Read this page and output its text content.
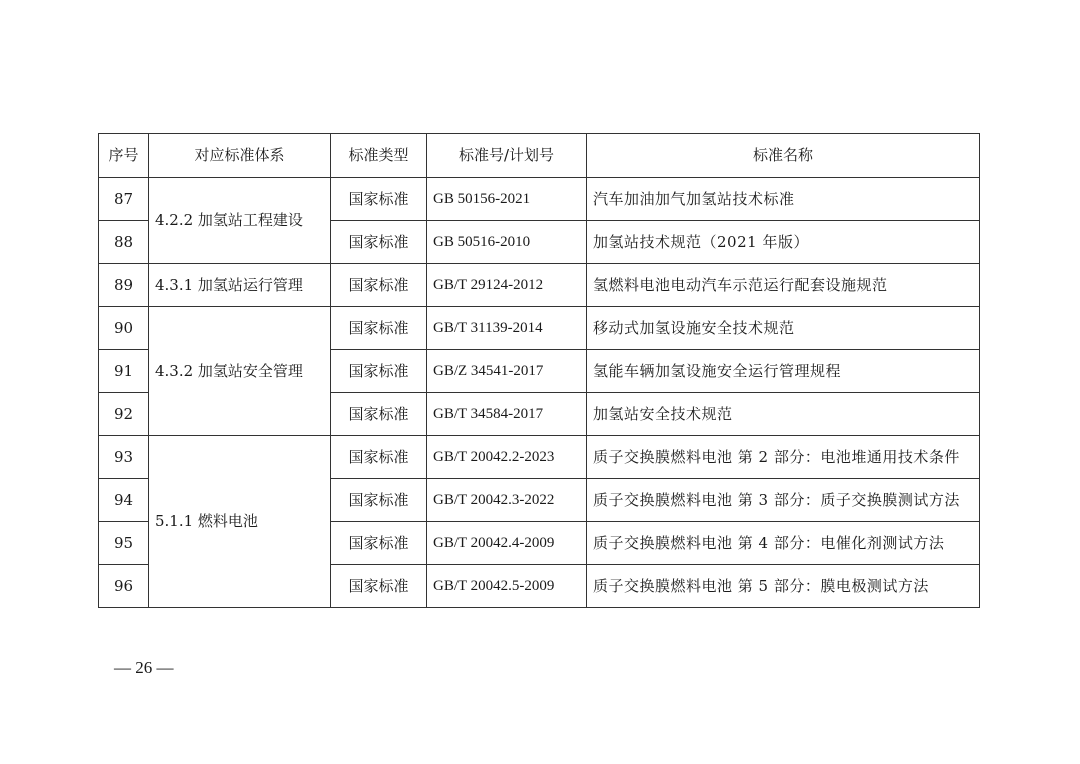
序号	对应标准体系	标准类型	标准号/计划号	标准名称
87	4.2.2 加氢站工程建设	国家标准	GB 50156-2021	汽车加油加气加氢站技术标准
88		国家标准	GB 50516-2010	加氢站技术规范（2021 年版）
89	4.3.1 加氢站运行管理	国家标准	GB/T 29124-2012	氢燃料电池电动汽车示范运行配套设施规范
90	4.3.2 加氢站安全管理	国家标准	GB/T 31139-2014	移动式加氢设施安全技术规范
91		国家标准	GB/Z 34541-2017	氢能车辆加氢设施安全运行管理规程
92		国家标准	GB/T 34584-2017	加氢站安全技术规范
93	5.1.1 燃料电池	国家标准	GB/T 20042.2-2023	质子交换膜燃料电池 第 2 部分：电池堆通用技术条件
94		国家标准	GB/T 20042.3-2022	质子交换膜燃料电池 第 3 部分：质子交换膜测试方法
95		国家标准	GB/T 20042.4-2009	质子交换膜燃料电池 第 4 部分：电催化剂测试方法
96		国家标准	GB/T 20042.5-2009	质子交换膜燃料电池 第 5 部分：膜电极测试方法
— 26 —
